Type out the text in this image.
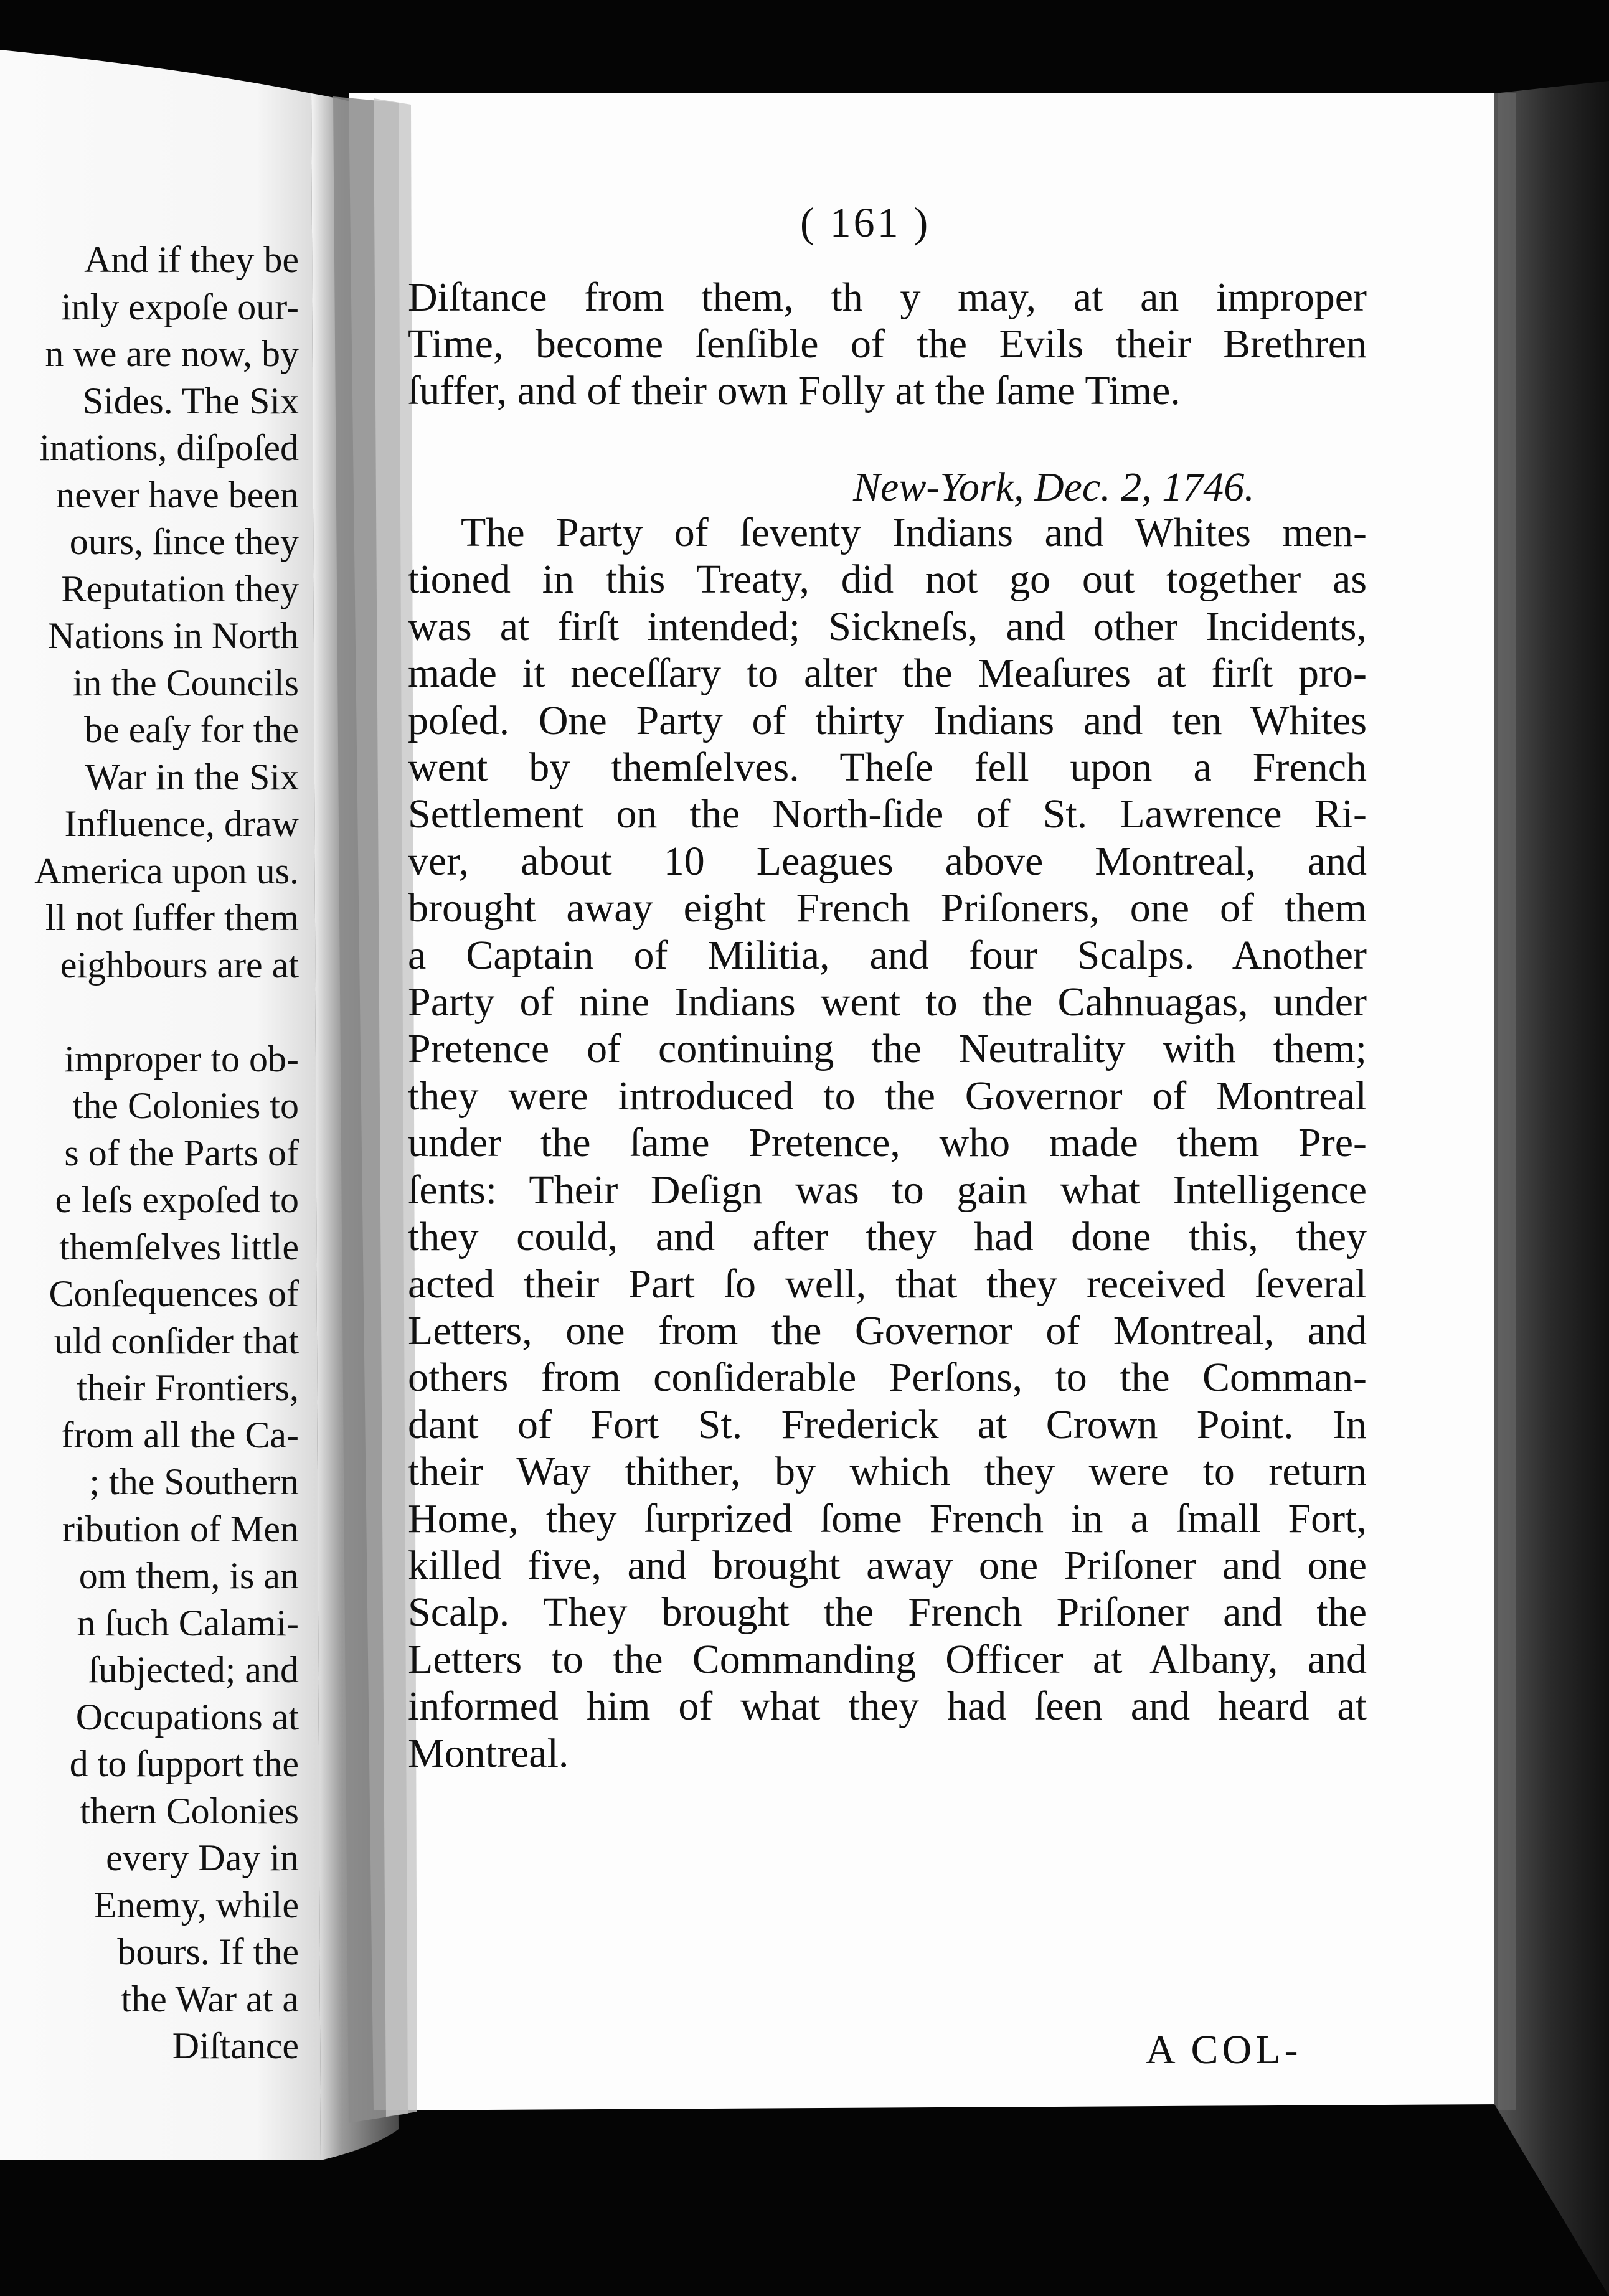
And if they be
inly expoſe our-
n we are now, by
Sides. The Six
inations, diſpoſed
never have been
ours, ſince they
Reputation they
Nations in North
in the Councils
be eaſy for the
War in the Six
Influence, draw
America upon us.
ll not ſuffer them
eighbours are at
improper to ob-
the Colonies to
s of the Parts of
e leſs expoſed to
themſelves little
Conſequences of
uld conſider that
their Frontiers,
from all the Ca-
; the Southern
ribution of Men
om them, is an
n ſuch Calami-
ſubjected; and
Occupations at
d to ſupport the
thern Colonies
every Day in
Enemy, while
bours. If the
the War at a
Diſtance
( 161 )
Diſtance from them, th y may, at an improper
Time, become ſenſible of the Evils their Brethren
ſuffer, and of their own Folly at the ſame Time.
New-York, Dec. 2, 1746.
The Party of ſeventy Indians and Whites men-
tioned in this Treaty, did not go out together as
was at firſt intended; Sickneſs, and other Incidents,
made it neceſſary to alter the Meaſures at firſt pro-
poſed. One Party of thirty Indians and ten Whites
went by themſelves. Theſe fell upon a French
Settlement on the North-ſide of St. Lawrence Ri-
ver, about 10 Leagues above Montreal, and
brought away eight French Priſoners, one of them
a Captain of Militia, and four Scalps. Another
Party of nine Indians went to the Cahnuagas, under
Pretence of continuing the Neutrality with them;
they were introduced to the Governor of Montreal
under the ſame Pretence, who made them Pre-
ſents: Their Deſign was to gain what Intelligence
they could, and after they had done this, they
acted their Part ſo well, that they received ſeveral
Letters, one from the Governor of Montreal, and
others from conſiderable Perſons, to the Comman-
dant of Fort St. Frederick at Crown Point. In
their Way thither, by which they were to return
Home, they ſurprized ſome French in a ſmall Fort,
killed five, and brought away one Priſoner and one
Scalp. They brought the French Priſoner and the
Letters to the Commanding Officer at Albany, and
informed him of what they had ſeen and heard at
Montreal.
A COL-
